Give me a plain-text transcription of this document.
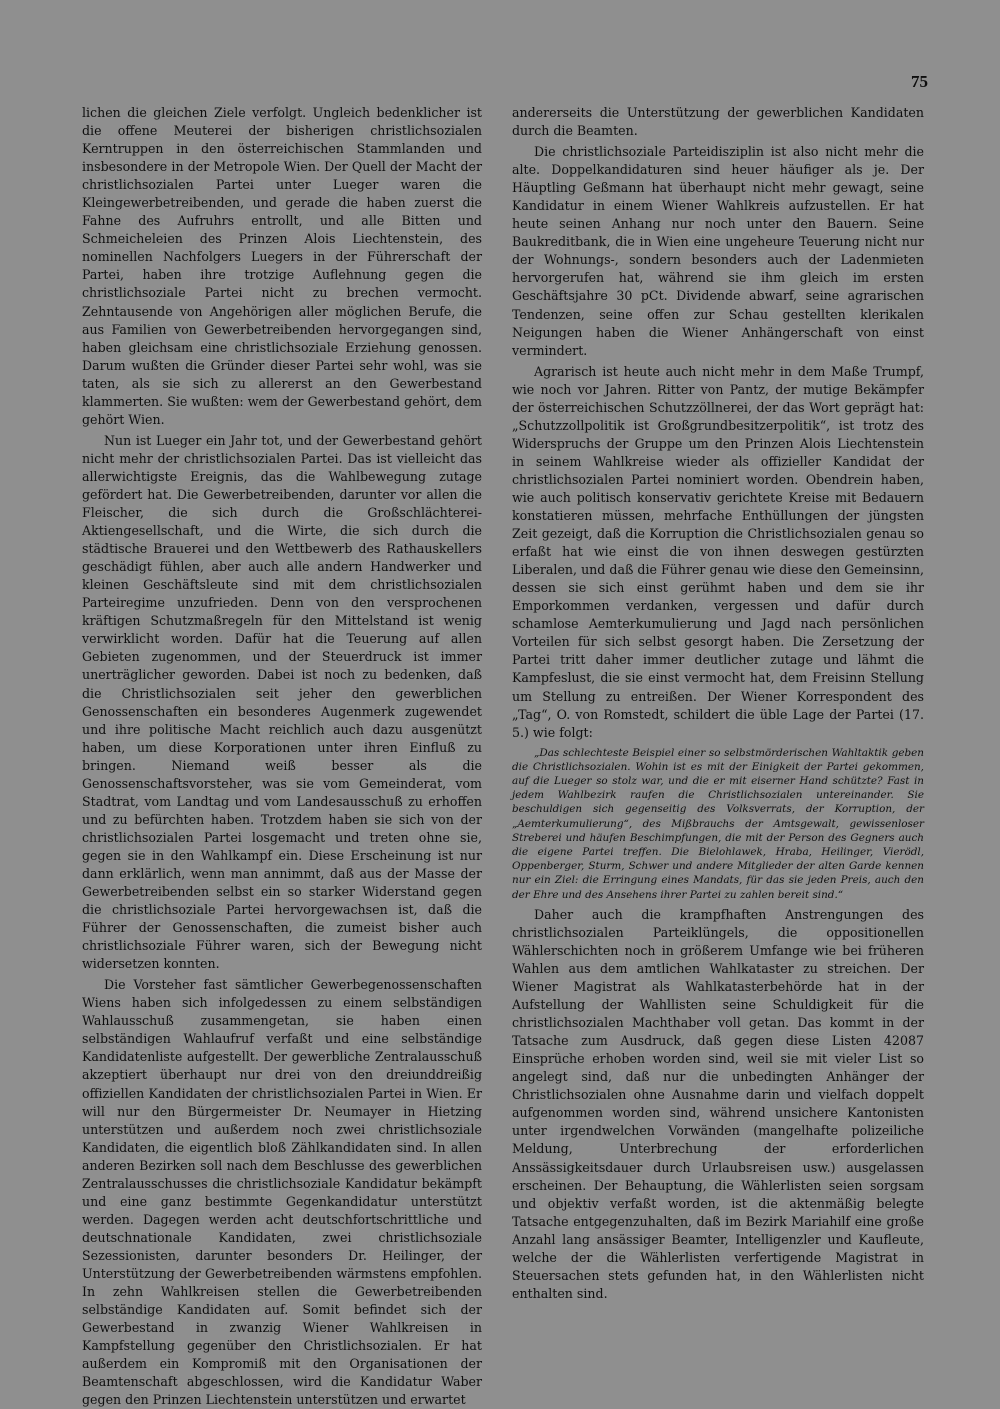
75

lichen die gleichen Ziele verfolgt. Ungleich bedenklicher ist die offene Meuterei der bisherigen christlichsozialen Kerntruppen in den österreichischen Stammlanden und insbesondere in der Metropole Wien. Der Quell der Macht der christlichsozialen Partei unter Lueger waren die Kleingewerbetreibenden, und gerade die haben zuerst die Fahne des Aufruhrs entrollt, und alle Bitten und Schmeicheleien des Prinzen Alois Liechtenstein, des nominellen Nachfolgers Luegers in der Führerschaft der Partei, haben ihre trotzige Auflehnung gegen die christlichsoziale Partei nicht zu brechen vermocht. Zehntausende von Angehörigen aller möglichen Berufe, die aus Familien von Gewerbetreibenden hervorgegangen sind, haben gleichsam eine christlichsoziale Erziehung genossen. Darum wußten die Gründer dieser Partei sehr wohl, was sie taten, als sie sich zu allererst an den Gewerbestand klammerten. Sie wußten: wem der Gewerbestand gehört, dem gehört Wien.

Nun ist Lueger ein Jahr tot, und der Gewerbestand gehört nicht mehr der christlichsozialen Partei. Das ist vielleicht das allerwichtigste Ereignis, das die Wahlbewegung zutage gefördert hat. Die Gewerbetreibenden, darunter vor allen die Fleischer, die sich durch die Großschlächterei-Aktiengesellschaft, und die Wirte, die sich durch die städtische Brauerei und den Wettbewerb des Rathauskellers geschädigt fühlen, aber auch alle andern Handwerker und kleinen Geschäftsleute sind mit dem christlichsozialen Parteiregime unzufrieden. Denn von den versprochenen kräftigen Schutzmaßregeln für den Mittelstand ist wenig verwirklicht worden. Dafür hat die Teuerung auf allen Gebieten zugenommen, und der Steuerdruck ist immer unerträglicher geworden. Dabei ist noch zu bedenken, daß die Christlichsozialen seit jeher den gewerblichen Genossenschaften ein besonderes Augenmerk zugewendet und ihre politische Macht reichlich auch dazu ausgenützt haben, um diese Korporationen unter ihren Einfluß zu bringen. Niemand weiß besser als die Genossenschaftsvorsteher, was sie vom Gemeinderat, vom Stadtrat, vom Landtag und vom Landesausschuß zu erhoffen und zu befürchten haben. Trotzdem haben sie sich von der christlichsozialen Partei losgemacht und treten ohne sie, gegen sie in den Wahlkampf ein. Diese Erscheinung ist nur dann erklärlich, wenn man annimmt, daß aus der Masse der Gewerbetreibenden selbst ein so starker Widerstand gegen die christlichsoziale Partei hervorgewachsen ist, daß die Führer der Genossenschaften, die zumeist bisher auch christlichsoziale Führer waren, sich der Bewegung nicht widersetzen konnten.

Die Vorsteher fast sämtlicher Gewerbegenossenschaften Wiens haben sich infolgedessen zu einem selbständigen Wahlausschuß zusammengetan, sie haben einen selbständigen Wahlaufruf verfaßt und eine selbständige Kandidatenliste aufgestellt. Der gewerbliche Zentralausschuß akzeptiert überhaupt nur drei von den dreiunddreißig offiziellen Kandidaten der christlichsozialen Partei in Wien. Er will nur den Bürgermeister Dr. Neumayer in Hietzing unterstützen und außerdem noch zwei christlichsoziale Kandidaten, die eigentlich bloß Zählkandidaten sind. In allen anderen Bezirken soll nach dem Beschlusse des gewerblichen Zentralausschusses die christlichsoziale Kandidatur bekämpft und eine ganz bestimmte Gegenkandidatur unterstützt werden. Dagegen werden acht deutschfortschrittliche und deutschnationale Kandidaten, zwei christlichsoziale Sezessionisten, darunter besonders Dr. Heilinger, der Unterstützung der Gewerbetreibenden wärmstens empfohlen. In zehn Wahlkreisen stellen die Gewerbetreibenden selbständige Kandidaten auf. Somit befindet sich der Gewerbestand in zwanzig Wiener Wahlkreisen in Kampfstellung gegenüber den Christlichsozialen. Er hat außerdem ein Kompromiß mit den Organisationen der Beamtenschaft abgeschlossen, wird die Kandidatur Waber gegen den Prinzen Liechtenstein unterstützen und erwartet

andererseits die Unterstützung der gewerblichen Kandidaten durch die Beamten.

Die christlichsoziale Parteidisziplin ist also nicht mehr die alte. Doppelkandidaturen sind heuer häufiger als je. Der Häuptling Geßmann hat überhaupt nicht mehr gewagt, seine Kandidatur in einem Wiener Wahlkreis aufzustellen. Er hat heute seinen Anhang nur noch unter den Bauern. Seine Baukreditbank, die in Wien eine ungeheure Teuerung nicht nur der Wohnungs-, sondern besonders auch der Ladenmieten hervorgerufen hat, während sie ihm gleich im ersten Geschäftsjahre 30 pCt. Dividende abwarf, seine agrarischen Tendenzen, seine offen zur Schau gestellten klerikalen Neigungen haben die Wiener Anhängerschaft von einst vermindert.

Agrarisch ist heute auch nicht mehr in dem Maße Trumpf, wie noch vor Jahren. Ritter von Pantz, der mutige Bekämpfer der österreichischen Schutzzöllnerei, der das Wort geprägt hat: „Schutzzollpolitik ist Großgrundbesitzerpolitik“, ist trotz des Widerspruchs der Gruppe um den Prinzen Alois Liechtenstein in seinem Wahlkreise wieder als offizieller Kandidat der christlichsozialen Partei nominiert worden. Obendrein haben, wie auch politisch konservativ gerichtete Kreise mit Bedauern konstatieren müssen, mehrfache Enthüllungen der jüngsten Zeit gezeigt, daß die Korruption die Christlichsozialen genau so erfaßt hat wie einst die von ihnen deswegen gestürzten Liberalen, und daß die Führer genau wie diese den Gemeinsinn, dessen sie sich einst gerühmt haben und dem sie ihr Emporkommen verdanken, vergessen und dafür durch schamlose Aemterkumulierung und Jagd nach persönlichen Vorteilen für sich selbst gesorgt haben. Die Zersetzung der Partei tritt daher immer deutlicher zutage und lähmt die Kampfeslust, die sie einst vermocht hat, dem Freisinn Stellung um Stellung zu entreißen. Der Wiener Korrespondent des „Tag“, O. von Romstedt, schildert die üble Lage der Partei (17. 5.) wie folgt:

„Das schlechteste Beispiel einer so selbstmörderischen Wahltaktik geben die Christlichsozialen. Wohin ist es mit der Einigkeit der Partei gekommen, auf die Lueger so stolz war, und die er mit eiserner Hand schützte? Fast in jedem Wahlbezirk raufen die Christlichsozialen untereinander. Sie beschuldigen sich gegenseitig des Volksverrats, der Korruption, der „Aemterkumulierung“, des Mißbrauchs der Amtsgewalt, gewissenloser Streberei und häufen Beschimpfungen, die mit der Person des Gegners auch die eigene Partei treffen. Die Bielohlawek, Hraba, Heilinger, Vierödl, Oppenberger, Sturm, Schwer und andere Mitglieder der alten Garde kennen nur ein Ziel: die Erringung eines Mandats, für das sie jeden Preis, auch den der Ehre und des Ansehens ihrer Partei zu zahlen bereit sind.“

Daher auch die krampfhaften Anstrengungen des christlichsozialen Parteiklüngels, die oppositionellen Wählerschichten noch in größerem Umfange wie bei früheren Wahlen aus dem amtlichen Wahlkataster zu streichen. Der Wiener Magistrat als Wahlkatasterbehörde hat in der Aufstellung der Wahllisten seine Schuldigkeit für die christlichsozialen Machthaber voll getan. Das kommt in der Tatsache zum Ausdruck, daß gegen diese Listen 42087 Einsprüche erhoben worden sind, weil sie mit vieler List so angelegt sind, daß nur die unbedingten Anhänger der Christlichsozialen ohne Ausnahme darin und vielfach doppelt aufgenommen worden sind, während unsichere Kantonisten unter irgendwelchen Vorwänden (mangelhafte polizeiliche Meldung, Unterbrechung der erforderlichen Anssässigkeitsdauer durch Urlaubsreisen usw.) ausgelassen erscheinen. Der Behauptung, die Wählerlisten seien sorgsam und objektiv verfaßt worden, ist die aktenmäßig belegte Tatsache entgegenzuhalten, daß im Bezirk Mariahilf eine große Anzahl lang ansässiger Beamter, Intelligenzler und Kaufleute, welche der die Wählerlisten verfertigende Magistrat in Steuersachen stets gefunden hat, in den Wählerlisten nicht enthalten sind.
